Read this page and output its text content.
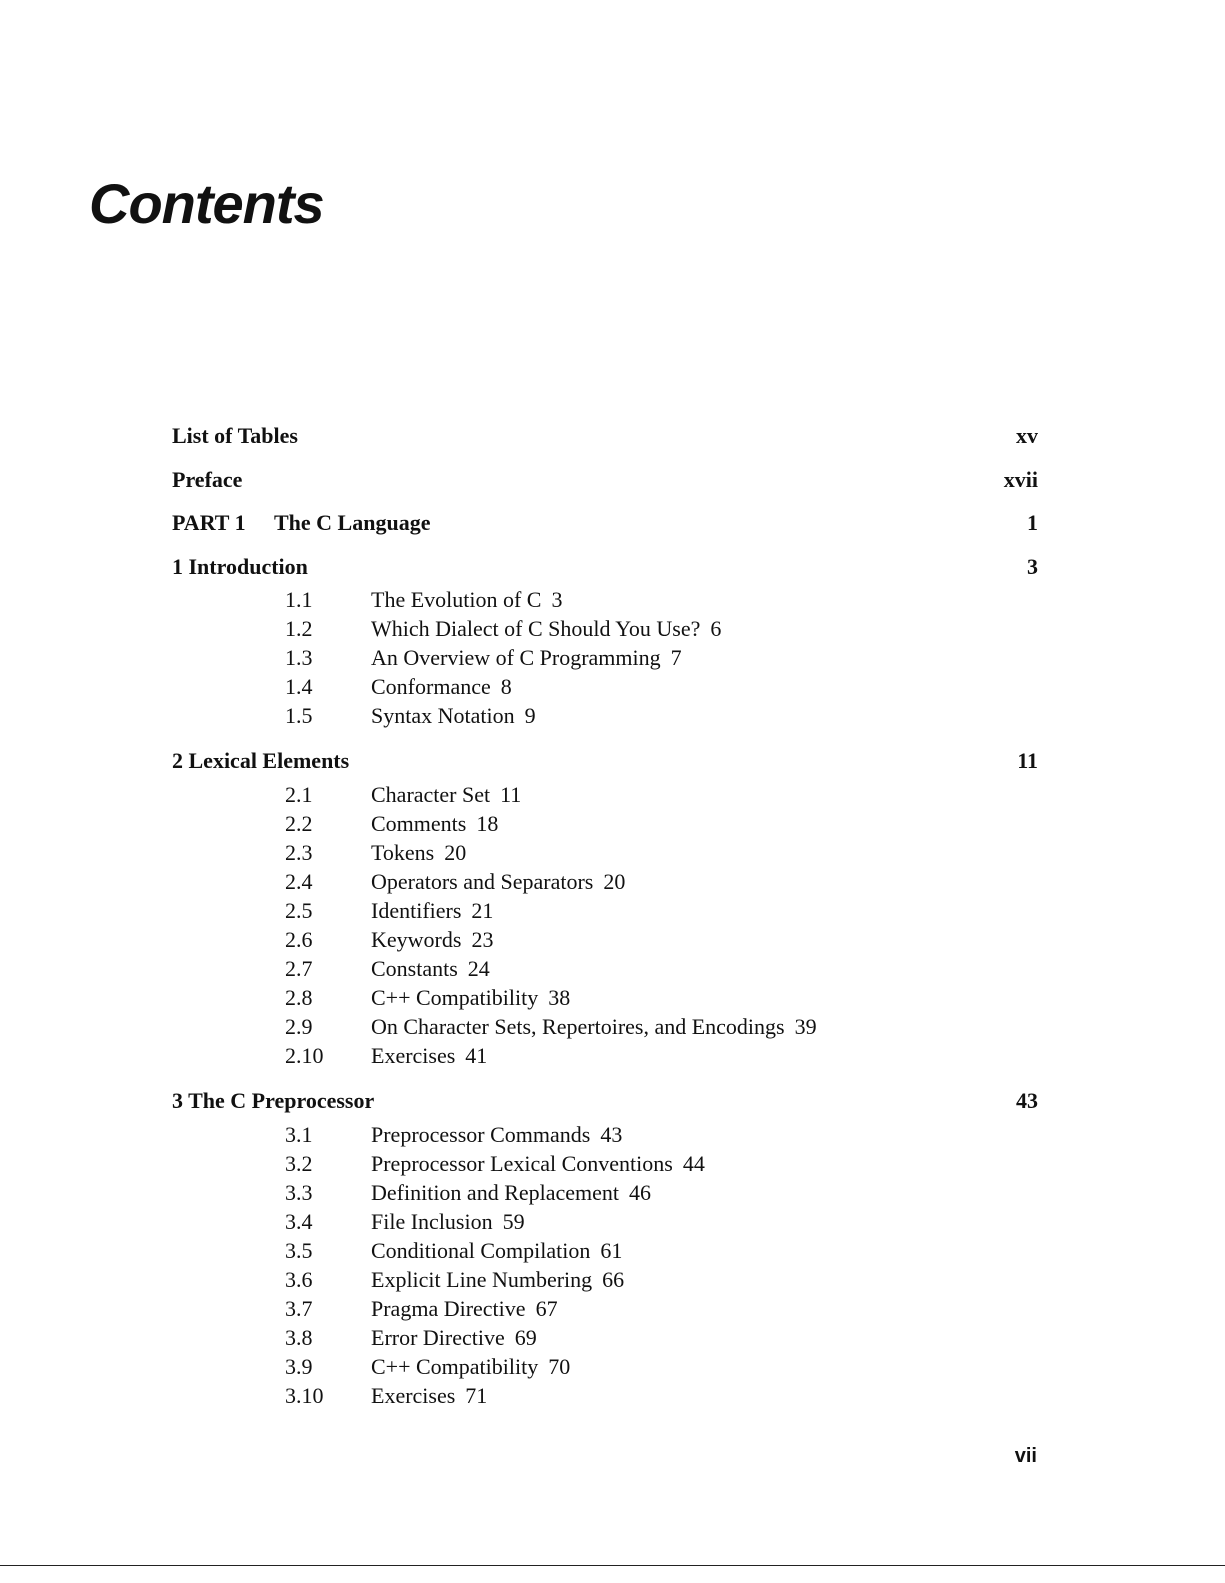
Contents
List of Tables	xv
Preface	xvii
PART 1 The C Language	1
1 Introduction	3
1.1	The Evolution of C 3
1.2	Which Dialect of C Should You Use? 6
1.3	An Overview of C Programming 7
1.4	Conformance 8
1.5	Syntax Notation 9
2 Lexical Elements	11
2.1	Character Set 11
2.2	Comments 18
2.3	Tokens 20
2.4	Operators and Separators 20
2.5	Identifiers 21
2.6	Keywords 23
2.7	Constants 24
2.8	C++ Compatibility 38
2.9	On Character Sets, Repertoires, and Encodings 39
2.10 Exercises 41
3 The C Preprocessor	43
3.1	Preprocessor Commands 43
3.2	Preprocessor Lexical Conventions 44
3.3	Definition and Replacement 46
3.4	File Inclusion 59
3.5	Conditional Compilation 61
3.6	Explicit Line Numbering 66
3.7	Pragma Directive 67
3.8	Error Directive 69
3.9	C++ Compatibility 70
3.10 Exercises 71
vii
